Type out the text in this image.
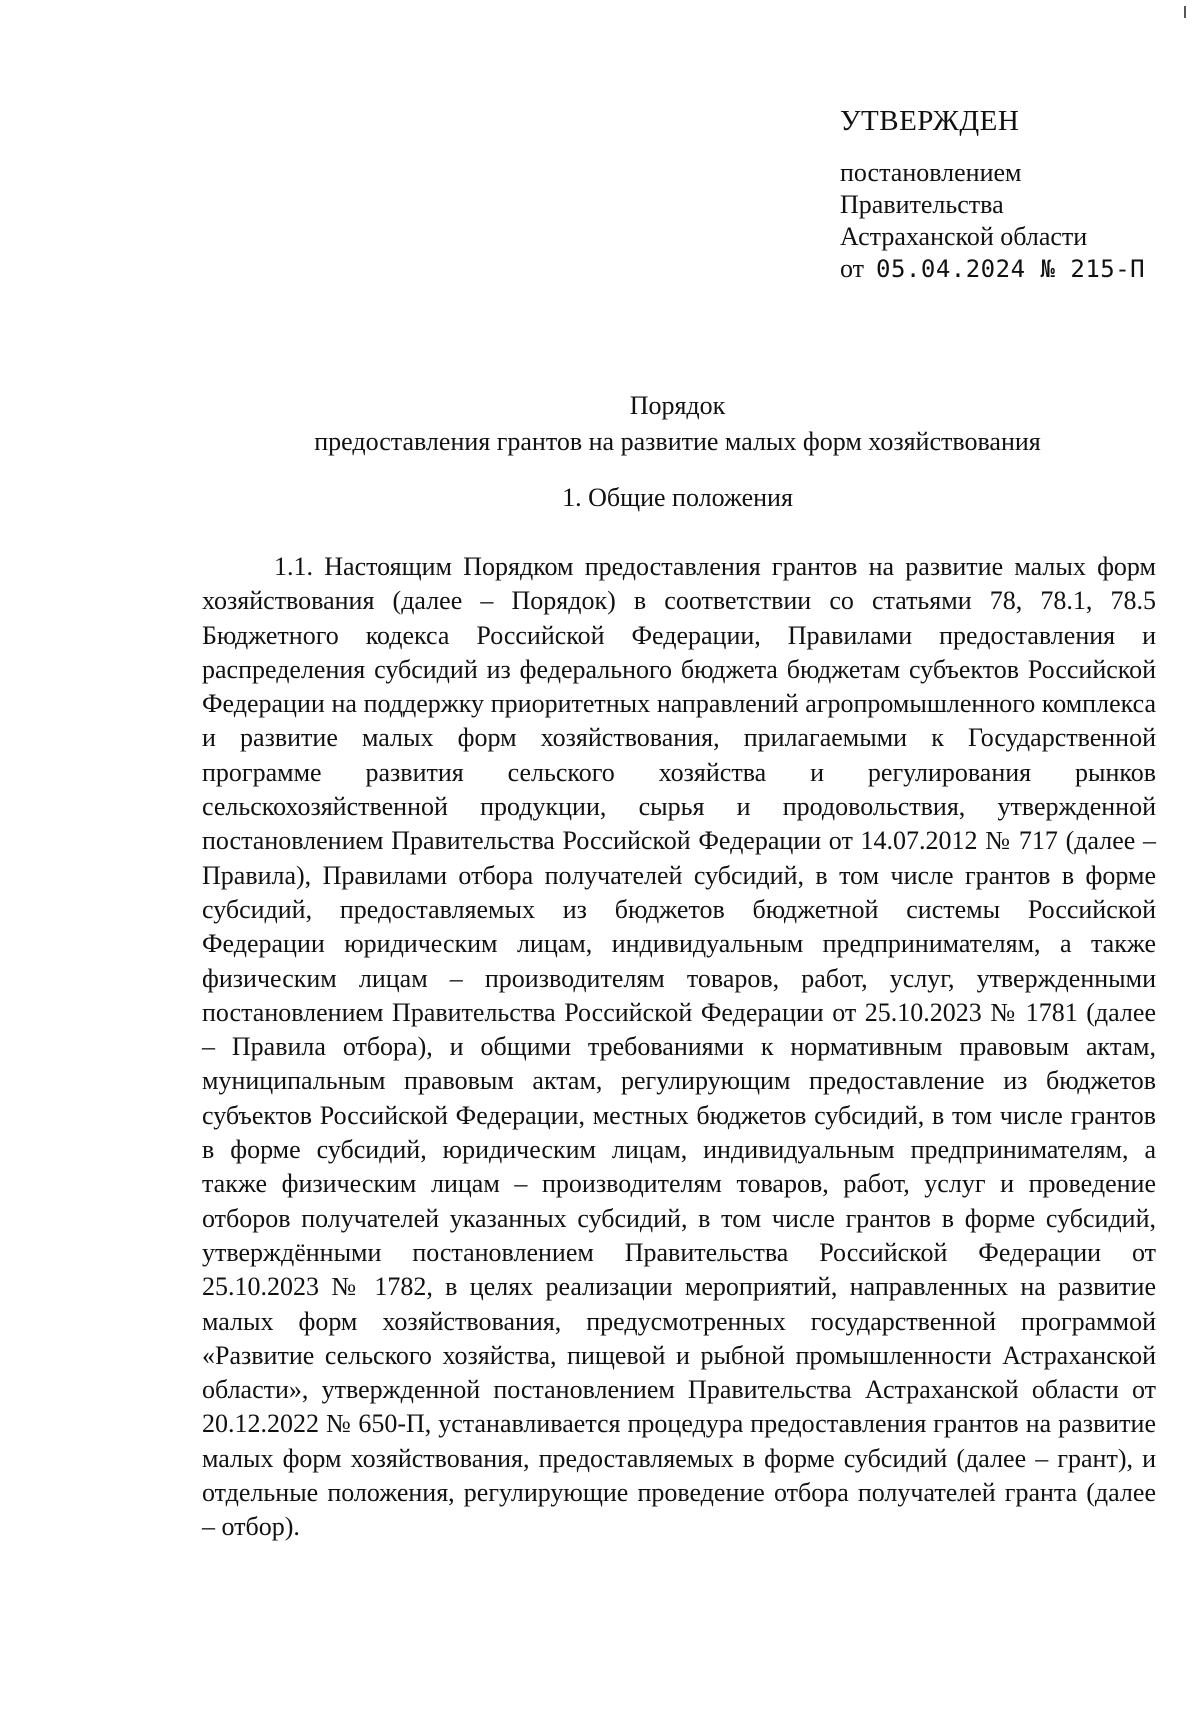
УТВЕРЖДЕН

постановлением

Правительства

Астраханской области

от 05.04.2024 № 215-П

Порядок

предоставления грантов на развитие малых форм хозяйствования

1. Общие положения

1.1. Настоящим Порядком предоставления грантов на развитие малых форм хозяйствования (далее – Порядок) в соответствии со статьями 78, 78.1, 78.5 Бюджетного кодекса Российской Федерации, Правилами предоставления и распределения субсидий из федерального бюджета бюджетам субъектов Российской Федерации на поддержку приоритетных направлений агропромышленного комплекса и развитие малых форм хозяйствования, прилагаемыми к Государственной программе развития сельского хозяйства и регулирования рынков сельскохозяйственной продукции, сырья и продовольствия, утвержденной постановлением Правительства Российской Федерации от 14.07.2012 № 717 (далее – Правила), Правилами отбора получателей субсидий, в том числе грантов в форме субсидий, предоставляемых из бюджетов бюджетной системы Российской Федерации юридическим лицам, индивидуальным предпринимателям, а также физическим лицам – производителям товаров, работ, услуг, утвержденными постановлением Правительства Российской Федерации от 25.10.2023 № 1781 (далее – Правила отбора), и общими требованиями к нормативным правовым актам, муниципальным правовым актам, регулирующим предоставление из бюджетов субъектов Российской Федерации, местных бюджетов субсидий, в том числе грантов в форме субсидий, юридическим лицам, индивидуальным предпринимателям, а также физическим лицам – производителям товаров, работ, услуг и проведение отборов получателей указанных субсидий, в том числе грантов в форме субсидий, утверждёнными постановлением Правительства Российской Федерации от 25.10.2023 № 1782, в целях реализации мероприятий, направленных на развитие малых форм хозяйствования, предусмотренных государственной программой «Развитие сельского хозяйства, пищевой и рыбной промышленности Астраханской области», утвержденной постановлением Правительства Астраханской области от 20.12.2022 № 650-П, устанавливается процедура предоставления грантов на развитие малых форм хозяйствования, предоставляемых в форме субсидий (далее – грант), и отдельные положения, регулирующие проведение отбора получателей гранта (далее – отбор).
